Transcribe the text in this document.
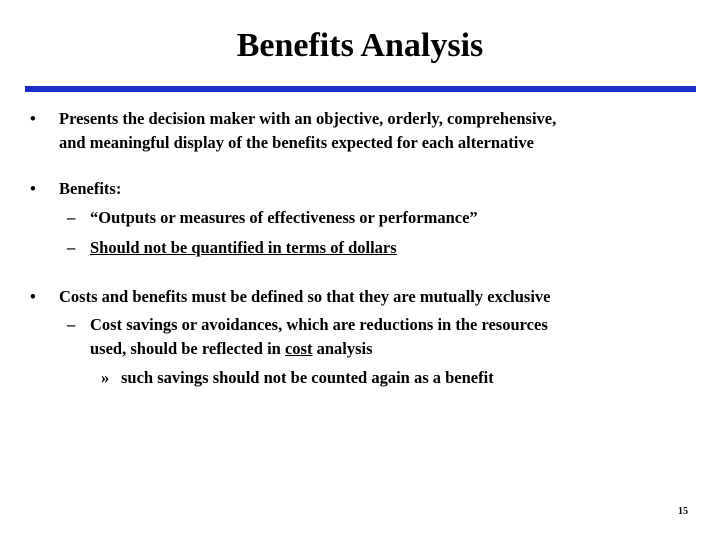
Benefits Analysis
• Presents the decision maker with an objective, orderly, comprehensive,
and meaningful display of the benefits expected for each alternative
• Benefits:
– “Outputs or measures of effectiveness or performance”
– Should not be quantified in terms of dollars
• Costs and benefits must be defined so that they are mutually exclusive
– Cost savings or avoidances, which are reductions in the resources
used, should be reflected in cost analysis
» such savings should not be counted again as a benefit
15
